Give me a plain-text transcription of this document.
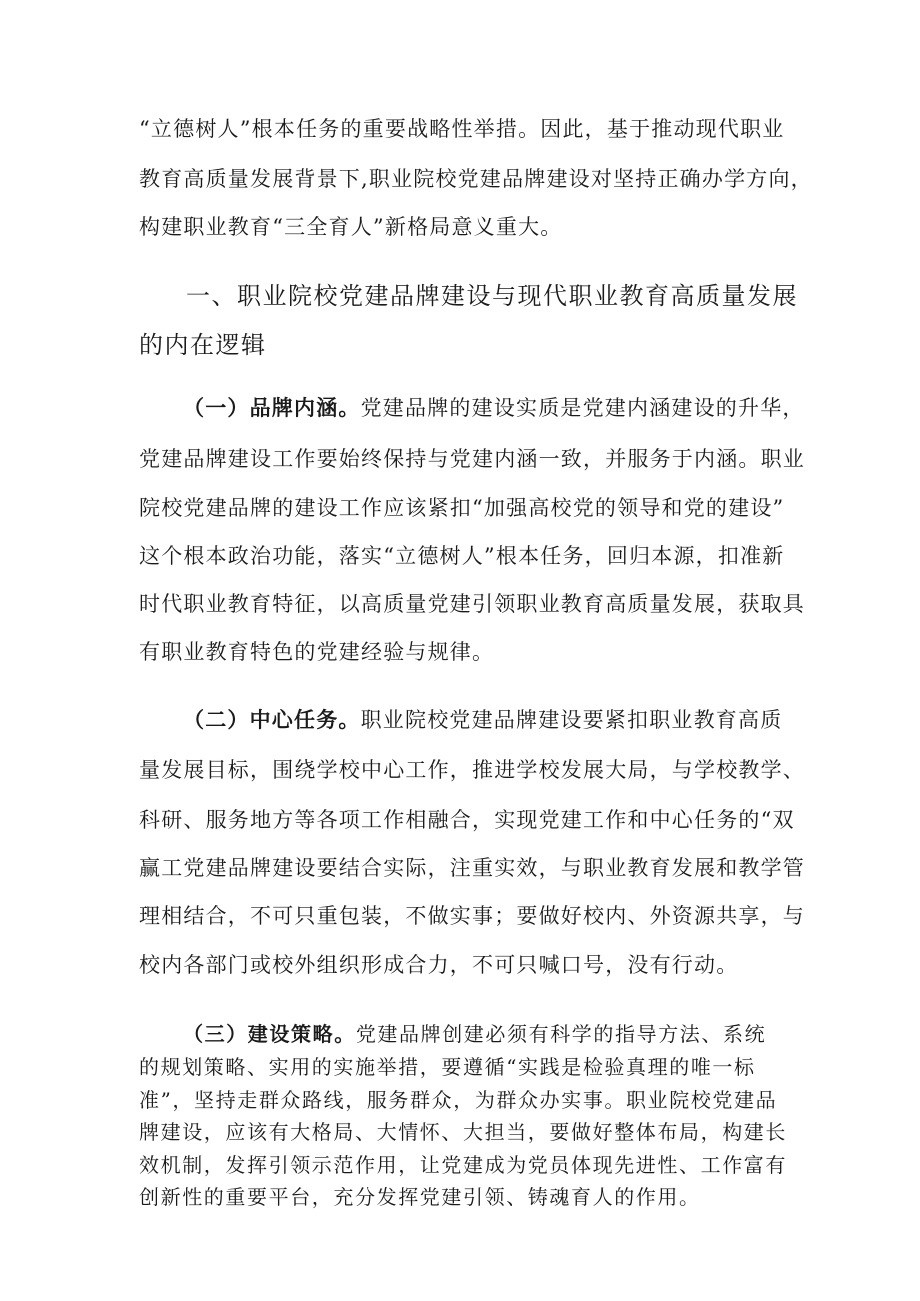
“立德树人”根本任务的重要战略性举措。因此，基于推动现代职业
教育高质量发展背景下,职业院校党建品牌建设对坚持正确办学方向，
构建职业教育“三全育人”新格局意义重大。
一、职业院校党建品牌建设与现代职业教育高质量发展
的内在逻辑
（一）品牌内涵。党建品牌的建设实质是党建内涵建设的升华，
党建品牌建设工作要始终保持与党建内涵一致，并服务于内涵。职业
院校党建品牌的建设工作应该紧扣“加强高校党的领导和党的建设”
这个根本政治功能，落实“立德树人”根本任务，回归本源，扣准新
时代职业教育特征，以高质量党建引领职业教育高质量发展，获取具
有职业教育特色的党建经验与规律。
（二）中心任务。职业院校党建品牌建设要紧扣职业教育高质
量发展目标，围绕学校中心工作，推进学校发展大局，与学校教学、
科研、服务地方等各项工作相融合，实现党建工作和中心任务的“双
赢工党建品牌建设要结合实际，注重实效，与职业教育发展和教学管
理相结合，不可只重包装，不做实事；要做好校内、外资源共享，与
校内各部门或校外组织形成合力，不可只喊口号，没有行动。
（三）建设策略。党建品牌创建必须有科学的指导方法、系统
的规划策略、实用的实施举措，要遵循“实践是检验真理的唯一标
准”，坚持走群众路线，服务群众，为群众办实事。职业院校党建品
牌建设，应该有大格局、大情怀、大担当，要做好整体布局，构建长
效机制，发挥引领示范作用，让党建成为党员体现先进性、工作富有
创新性的重要平台，充分发挥党建引领、铸魂育人的作用。
